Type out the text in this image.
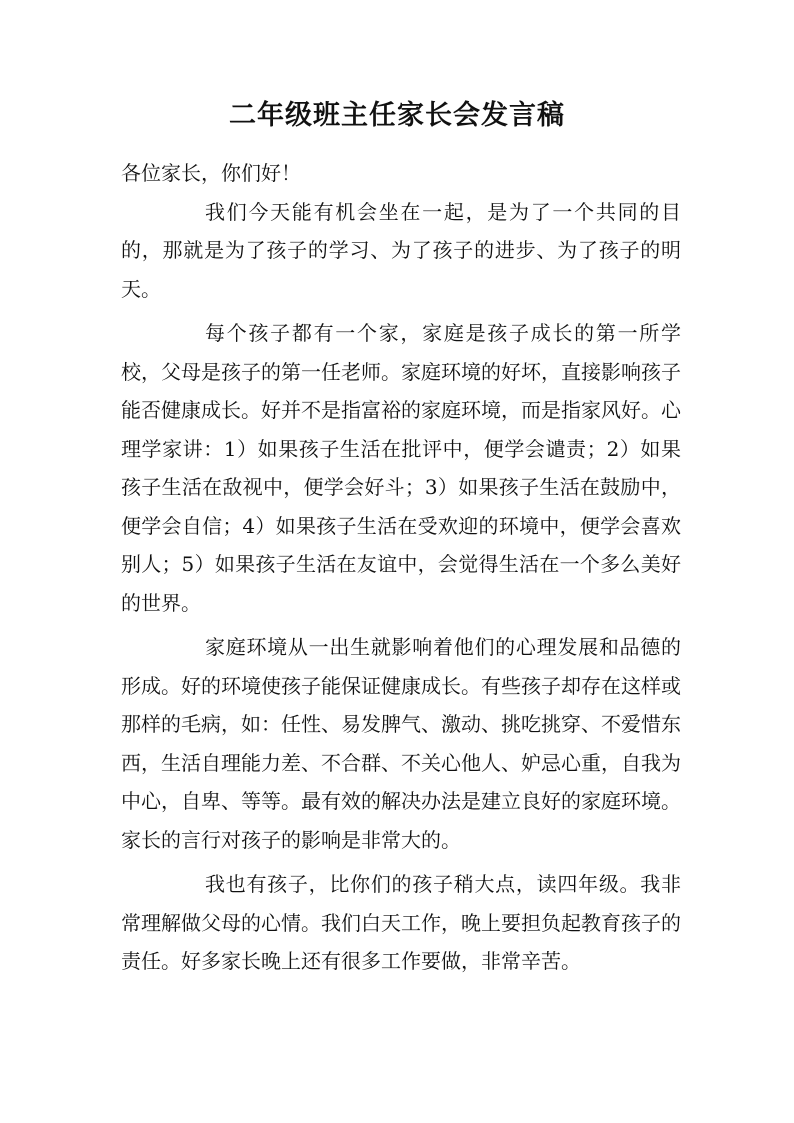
二年级班主任家长会发言稿

各位家长，你们好！

我们今天能有机会坐在一起，是为了一个共同的目的，那就是为了孩子的学习、为了孩子的进步、为了孩子的明天。

每个孩子都有一个家，家庭是孩子成长的第一所学校，父母是孩子的第一任老师。家庭环境的好坏，直接影响孩子能否健康成长。好并不是指富裕的家庭环境，而是指家风好。心理学家讲：1）如果孩子生活在批评中，便学会谴责；2）如果孩子生活在敌视中，便学会好斗；3）如果孩子生活在鼓励中，便学会自信；4）如果孩子生活在受欢迎的环境中，便学会喜欢别人；5）如果孩子生活在友谊中，会觉得生活在一个多么美好的世界。

家庭环境从一出生就影响着他们的心理发展和品德的形成。好的环境使孩子能保证健康成长。有些孩子却存在这样或那样的毛病，如：任性、易发脾气、激动、挑吃挑穿、不爱惜东西，生活自理能力差、不合群、不关心他人、妒忌心重，自我为中心，自卑、等等。最有效的解决办法是建立良好的家庭环境。家长的言行对孩子的影响是非常大的。

我也有孩子，比你们的孩子稍大点，读四年级。我非常理解做父母的心情。我们白天工作，晚上要担负起教育孩子的责任。好多家长晚上还有很多工作要做，非常辛苦。
